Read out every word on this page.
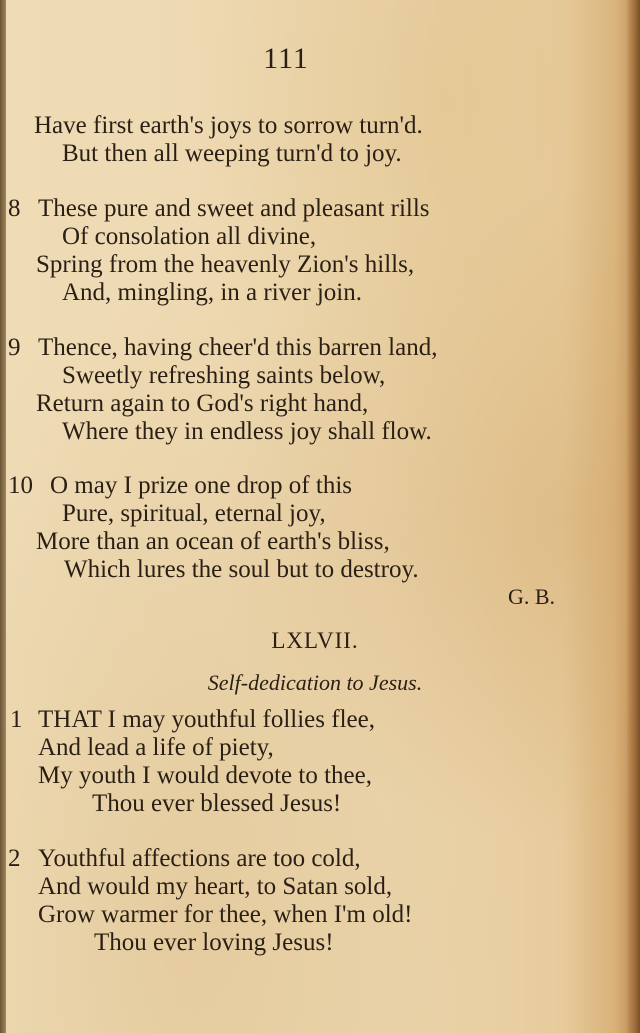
111
Have first earth's joys to sorrow turn'd.
But then all weeping turn'd to joy.
8 These pure and sweet and pleasant rills
Of consolation all divine,
Spring from the heavenly Zion's hills,
And, mingling, in a river join.
9 Thence, having cheer'd this barren land,
Sweetly refreshing saints below,
Return again to God's right hand,
Where they in endless joy shall flow.
10 O may I prize one drop of this
Pure, spiritual, eternal joy,
More than an ocean of earth's bliss,
Which lures the soul but to destroy.
G. B.
LXLVII.
Self-dedication to Jesus.
1 THAT I may youthful follies flee,
And lead a life of piety,
My youth I would devote to thee,
Thou ever blessed Jesus!
2 Youthful affections are too cold,
And would my heart, to Satan sold,
Grow warmer for thee, when I'm old!
Thou ever loving Jesus!
